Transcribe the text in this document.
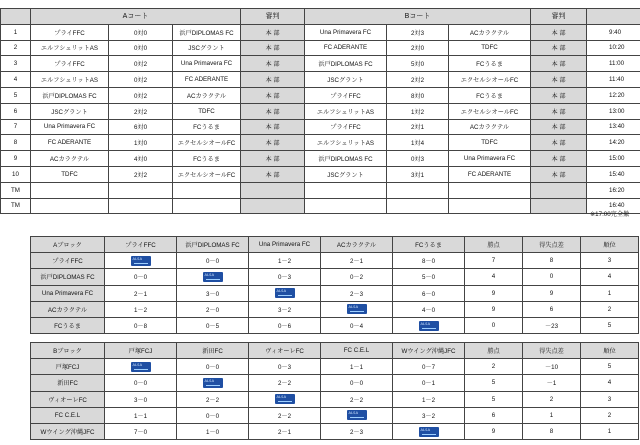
	Aコート			審判	Bコート			審判	
1	プライFFC	0対0	浜戸DIPLOMAS FC	本 部	Una Primavera FC	2対3	ACカラクテル	本 部	9:40
2	エルフシュリットAS	0対0	JSCグラント	本 部	FC ADERANTE	2対0	TDFC	本 部	10:20
3	プライFFC	0対2	Una Primavera FC	本 部	浜戸DIPLOMAS FC	5対0	FCうるま	本 部	11:00
4	エルフシュリットAS	0対2	FC ADERANTE	本 部	JSCグラント	2対2	エクセルシオールFC	本 部	11:40
5	浜戸DIPLOMAS FC	0対2	ACカラクテル	本 部	プライFFC	8対0	FCうるま	本 部	12:20
6	JSCグラント	2対2	TDFC	本 部	エルフシュリットAS	1対2	エクセルシオールFC	本 部	13:00
7	Una Primavera FC	6対0	FCうるま	本 部	プライFFC	2対1	ACカラクテル	本 部	13:40
8	FC ADERANTE	1対0	エクセルシオールFC	本 部	エルフシュリットAS	1対4	TDFC	本 部	14:20
9	ACカラクテル	4対0	FCうるま	本 部	浜戸DIPLOMAS FC	0対3	Una Primavera FC	本 部	15:00
10	TDFC	2対2	エクセルシオールFC	本 部	JSCグラント	3対1	FC ADERANTE	本 部	15:40
TM									16:20
TM									16:40
※17:00完全撤
Aブロック	プライFFC	浜戸DIPLOMAS FC	Una Primavera FC	ACカラクテル	FCうるま	勝点	得失点差	順位
プライFFC	ALSA	0－0	1－2	2－1	8－0	7	8	3
浜戸DIPLOMAS FC	0－0	ALSA	0－3	0－2	5－0	4	0	4
Una Primavera FC	2－1	3－0	ALSA	2－3	6－0	9	9	1
ACカラクテル	1－2	2－0	3－2	ALSA	4－0	9	6	2
FCうるま	0－8	0－5	0－6	0－4	ALSA	0	－23	5
Bブロック	戸塚FCJ	新田FC	ヴィオーレFC	FC C.E.L	Wウイング沖縄JFC	勝点	得失点差	順位
戸塚FCJ	ALSA	0－0	0－3	1－1	0－7	2	－10	5
新田FC	0－0	ALSA	2－2	0－0	0－1	5	－1	4
ヴィオーレFC	3－0	2－2	ALSA	2－2	1－2	5	2	3
FC C.E.L	1－1	0－0	2－2	ALSA	3－2	6	1	2
Wウイング沖縄JFC	7－0	1－0	2－1	2－3	ALSA	9	8	1
